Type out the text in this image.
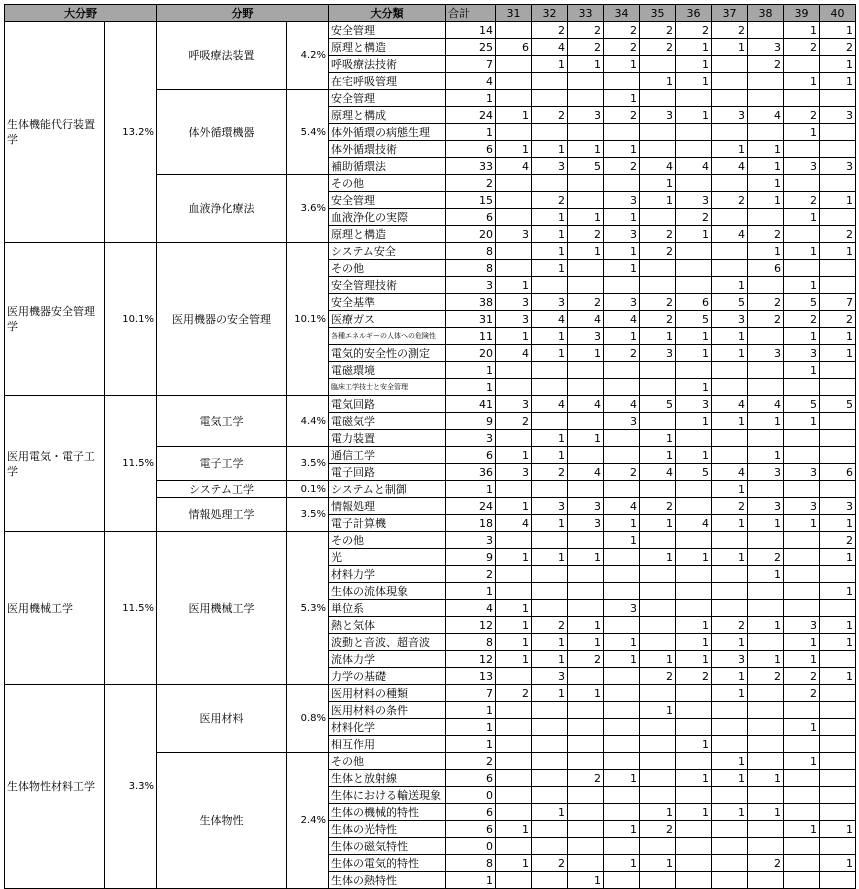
大分野		分野		大分類	合計	31	32	33	34	35	36	37	38	39	40
生体機能代行装置学	13.2%	呼吸療法装置	4.2%	安全管理	14		2	2	2	2	2	2		1	1
				原理と構造	25	6	4	2	2	2	1	1	3	2	2
				呼吸療法技術	7		1	1	1		1		2		1
				在宅呼吸管理	4					1	1			1	1
		体外循環機器	5.4%	安全管理	1				1						
				原理と構成	24	1	2	3	2	3	1	3	4	2	3
				体外循環の病態生理	1									1	
				体外循環技術	6	1	1	1	1			1	1		
				補助循環法	33	4	3	5	2	4	4	4	1	3	3
		血液浄化療法	3.6%	その他	2					1			1		
				安全管理	15		2		3	1	3	2	1	2	1
				血液浄化の実際	6		1	1	1		2			1	
				原理と構造	20	3	1	2	3	2	1	4	2		2
医用機器安全管理学	10.1%	医用機器の安全管理	10.1%	システム安全	8		1	1	1	2			1	1	1
				その他	8		1		1				6		
				安全管理技術	3	1						1		1	
				安全基準	38	3	3	2	3	2	6	5	2	5	7
				医療ガス	31	3	4	4	4	2	5	3	2	2	2
				各種エネルギーの人体への危険性	11	1	1	3	1	1	1	1		1	1
				電気的安全性の測定	20	4	1	1	2	3	1	1	3	3	1
				電磁環境	1									1	
				臨床工学技士と安全管理	1						1				
医用電気・電子工学	11.5%	電気工学	4.4%	電気回路	41	3	4	4	4	5	3	4	4	5	5
				電磁気学	9	2			3		1	1	1	1	
				電力装置	3		1	1		1					
		電子工学	3.5%	通信工学	6	1	1			1	1		1		
				電子回路	36	3	2	4	2	4	5	4	3	3	6
		システム工学	0.1%	システムと制御	1							1			
		情報処理工学	3.5%	情報処理	24	1	3	3	4	2		2	3	3	3
				電子計算機	18	4	1	3	1	1	4	1	1	1	1
医用機械工学	11.5%	医用機械工学	5.3%	その他	3				1						2
				光	9	1	1	1		1	1	1	2		1
				材料力学	2								1		
				生体の流体現象	1										1
				単位系	4	1			3						
				熱と気体	12	1	2	1			1	2	1	3	1
				波動と音波、超音波	8	1	1	1	1		1	1		1	1
				流体力学	12	1	1	2	1	1	1	3	1	1	
				力学の基礎	13		3			2	2	1	2	2	1
生体物性材料工学	3.3%	医用材料	0.8%	医用材料の種類	7	2	1	1				1		2	
				医用材料の条件	1					1					
				材料化学	1									1	
				相互作用	1						1				
		生体物性	2.4%	その他	2							1		1	
				生体と放射線	6			2	1		1	1	1		
				生体における輸送現象	0										
				生体の機械的特性	6		1			1	1	1	1		
				生体の光特性	6	1			1	2				1	1
				生体の磁気特性	0										
				生体の電気的特性	8	1	2		1	1			2		1
				生体の熱特性	1			1							
